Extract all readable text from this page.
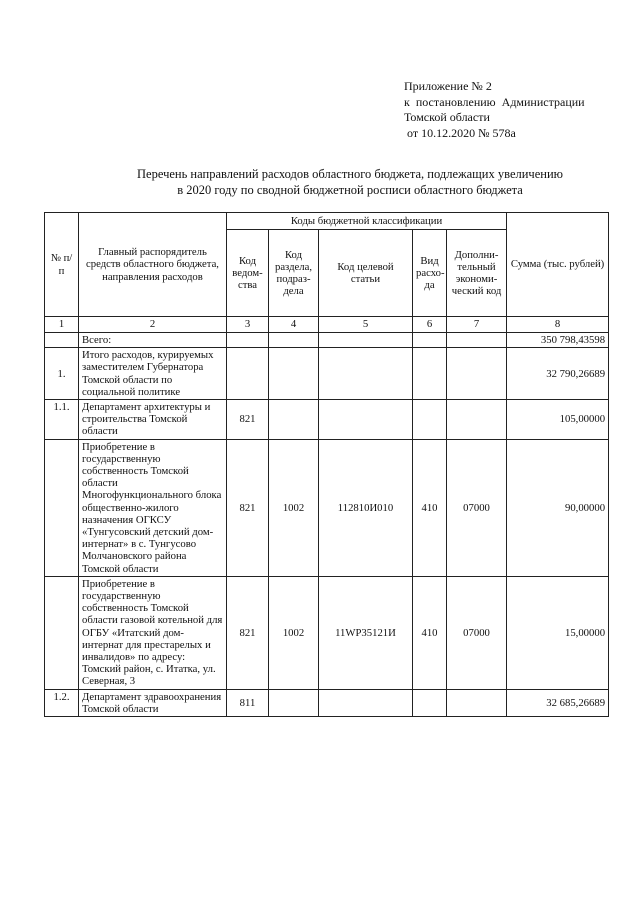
Приложение № 2
к  постановлению  Администрации
Томской области
от 10.12.2020 № 578а
Перечень направлений расходов областного бюджета, подлежащих увеличению
в 2020 году по сводной бюджетной росписи областного бюджета
№ п/п	Главный распорядитель средств областного бюджета, направления расходов	Коды бюджетной классификации					Сумма (тыс. рублей)
		Код ведом-ства	Код раздела, подраз-дела	Код целевой статьи	Вид расхо-да	Дополни-тельный экономи-ческий код	
1	2	3	4	5	6	7	8
	Всего:						350 798,43598
1.	Итого расходов, курируемых заместителем Губернатора Томской области по социальной политике						32 790,26689
1.1.	Департамент архитектуры и строительства Томской области	821					105,00000
	Приобретение в государственную собственность Томской области Многофункционального блока общественно-жилого назначения ОГКСУ «Тунгусовский детский дом-интернат» в с. Тунгусово Молчановского района Томской области	821	1002	112810И010	410	07000	90,00000
	Приобретение в государственную собственность Томской области газовой котельной для ОГБУ «Итатский дом-интернат для престарелых и инвалидов» по адресу: Томский район, с. Итатка, ул. Северная, 3	821	1002	11WP35121И	410	07000	15,00000
1.2.	Департамент здравоохранения Томской области	811					32 685,26689
